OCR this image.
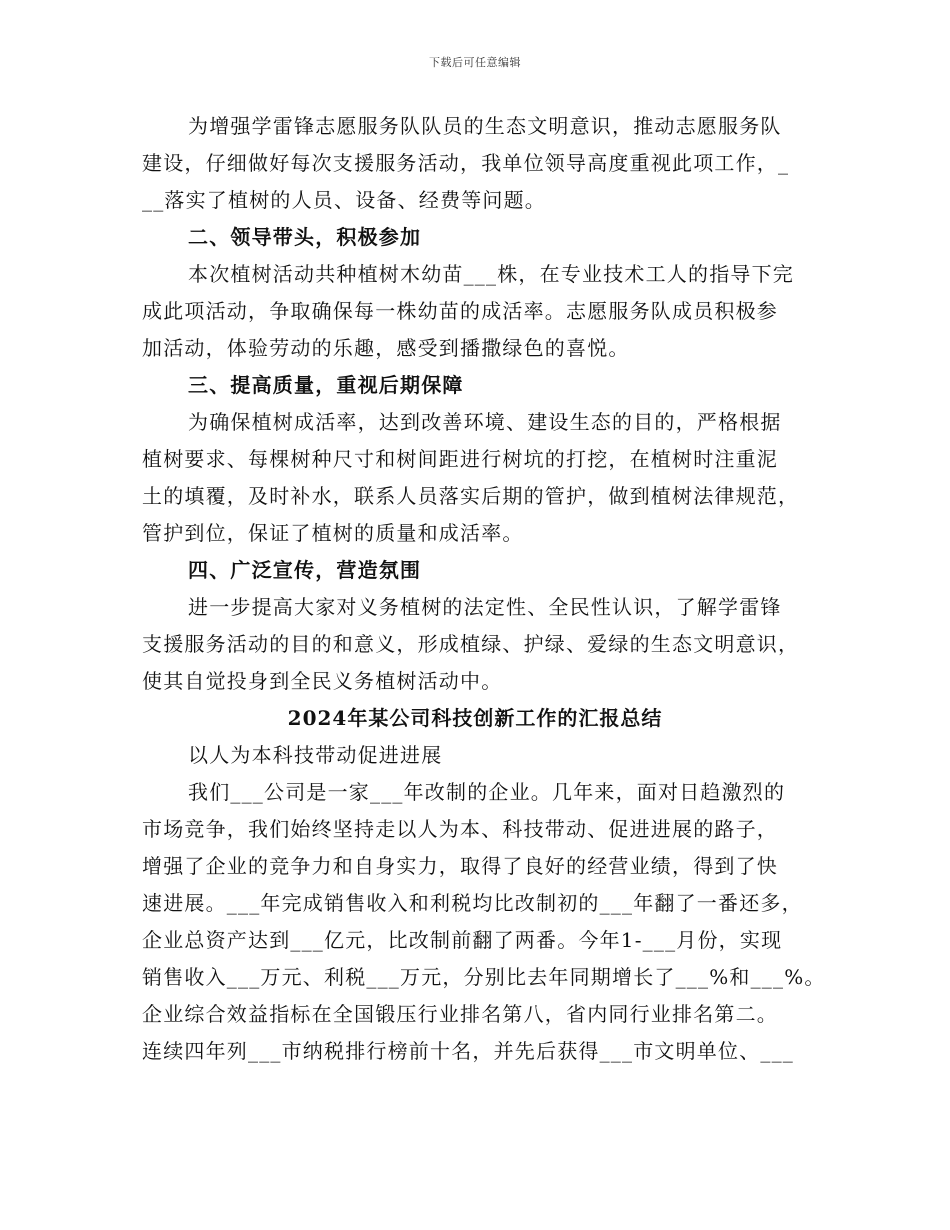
下载后可任意编辑
为增强学雷锋志愿服务队队员的生态文明意识，推动志愿服务队
建设，仔细做好每次支援服务活动，我单位领导高度重视此项工作，_
__落实了植树的人员、设备、经费等问题。
二、领导带头，积极参加
本次植树活动共种植树木幼苗___株，在专业技术工人的指导下完
成此项活动，争取确保每一株幼苗的成活率。志愿服务队成员积极参
加活动，体验劳动的乐趣，感受到播撒绿色的喜悦。
三、提高质量，重视后期保障
为确保植树成活率，达到改善环境、建设生态的目的，严格根据
植树要求、每棵树种尺寸和树间距进行树坑的打挖，在植树时注重泥
土的填覆，及时补水，联系人员落实后期的管护，做到植树法律规范，
管护到位，保证了植树的质量和成活率。
四、广泛宣传，营造氛围
进一步提高大家对义务植树的法定性、全民性认识，了解学雷锋
支援服务活动的目的和意义，形成植绿、护绿、爱绿的生态文明意识，
使其自觉投身到全民义务植树活动中。
2024年某公司科技创新工作的汇报总结
以人为本科技带动促进进展
我们___公司是一家___年改制的企业。几年来，面对日趋激烈的
市场竞争，我们始终坚持走以人为本、科技带动、促进进展的路子，
增强了企业的竞争力和自身实力，取得了良好的经营业绩，得到了快
速进展。___年完成销售收入和利税均比改制初的___年翻了一番还多，
企业总资产达到___亿元，比改制前翻了两番。今年1-___月份，实现
销售收入___万元、利税___万元，分别比去年同期增长了___%和___%。
企业综合效益指标在全国锻压行业排名第八，省内同行业排名第二。
连续四年列___市纳税排行榜前十名，并先后获得___市文明单位、___
